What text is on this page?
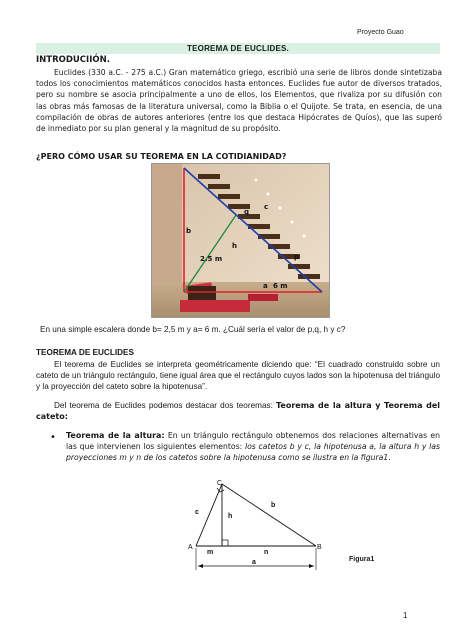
Proyecto Guao
TEOREMA DE EUCLIDES.
INTRODUCIIÓN.
Euclides (330 a.C. - 275 a.C.) Gran matemático griego, escribió una serie de libros donde sintetizaba todos los conocimientos matemáticos conocidos hasta entonces. Euclides fue autor de diversos tratados, pero su nombre se asocia principalmente a uno de ellos, los Elementos, que rivaliza por su difusión con las obras más famosas de la literatura universal, como la Biblia o el Quijote. Se trata, en esencia, de una compilación de obras de autores anteriores (entre los que destaca Hipócrates de Quíos), que las superó de inmediato por su plan general y la magnitud de su propósito.
¿PERO CÓMO USAR SU TEOREMA EN LA COTIDIANIDAD?
b
2.5 m
h
a 6 m
c
p
q
En una simple escalera donde b= 2,5 m y a= 6 m. ¿Cuál sería el valor de p,q, h y c?
TEOREMA DE EUCLIDES
El teorema de Euclides se interpreta geométricamente diciendo que: “El cuadrado construido sobre un cateto de un triángulo rectángulo, tiene igual área que el rectángulo cuyos lados son la hipotenusa del triángulo y la proyección del cateto sobre la hipotenusa”.
Del teorema de Euclides podemos destacar dos teoremas: Teorema de la altura y Teorema del cateto:
• Teorema de la altura: En un triángulo rectángulo obtenemos dos relaciones alternativas en las que intervienen los siguientes elementos: los catetos b y c, la hipotenusa a, la altura h y las proyecciones m y n de los catetos sobre la hipotenusa como se ilustra en la figura1.
A	B
C
c
b
h
m	n
a	Figura1
1
